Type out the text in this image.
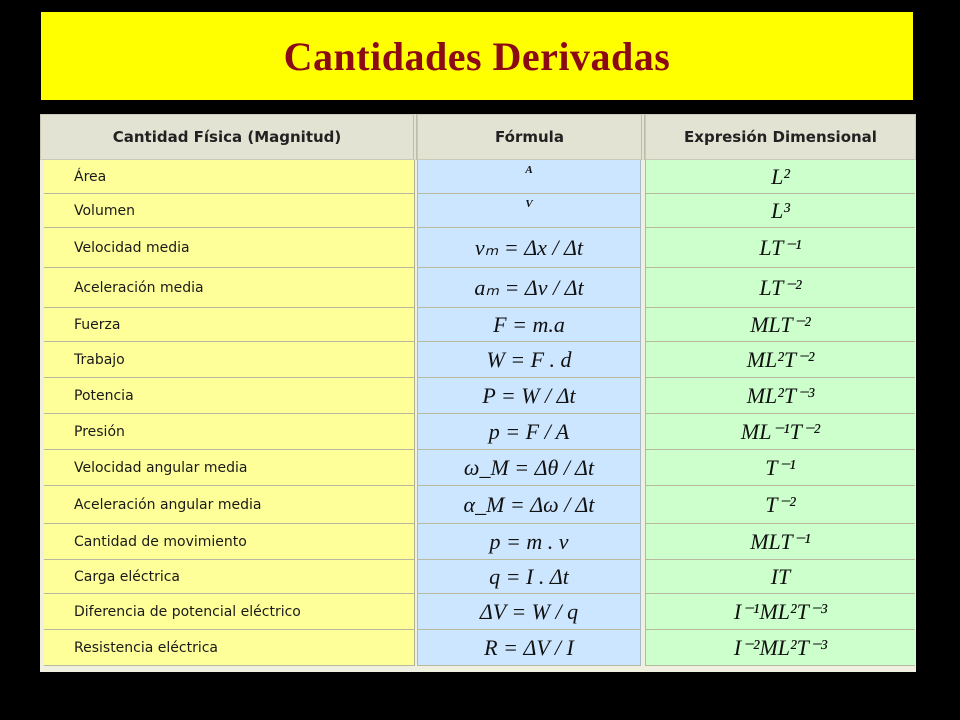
Cantidades Derivadas
Cantidad Física (Magnitud)	Fórmula	Expresión Dimensional
Área	A	L²
Volumen	V	L³
Velocidad media	vₘ = Δx / Δt	LT⁻¹
Aceleración media	aₘ = Δv / Δt	LT⁻²
Fuerza	F = m.a	MLT⁻²
Trabajo	W = F . d	ML²T⁻²
Potencia	P = W / Δt	ML²T⁻³
Presión	p = F / A	ML⁻¹T⁻²
Velocidad angular media	ω_M = Δθ / Δt	T⁻¹
Aceleración angular media	α_M = Δω / Δt	T⁻²
Cantidad de movimiento	p = m . v	MLT⁻¹
Carga eléctrica	q = I . Δt	IT
Diferencia de potencial eléctrico	ΔV = W / q	I⁻¹ML²T⁻³
Resistencia eléctrica	R = ΔV / I	I⁻²ML²T⁻³
